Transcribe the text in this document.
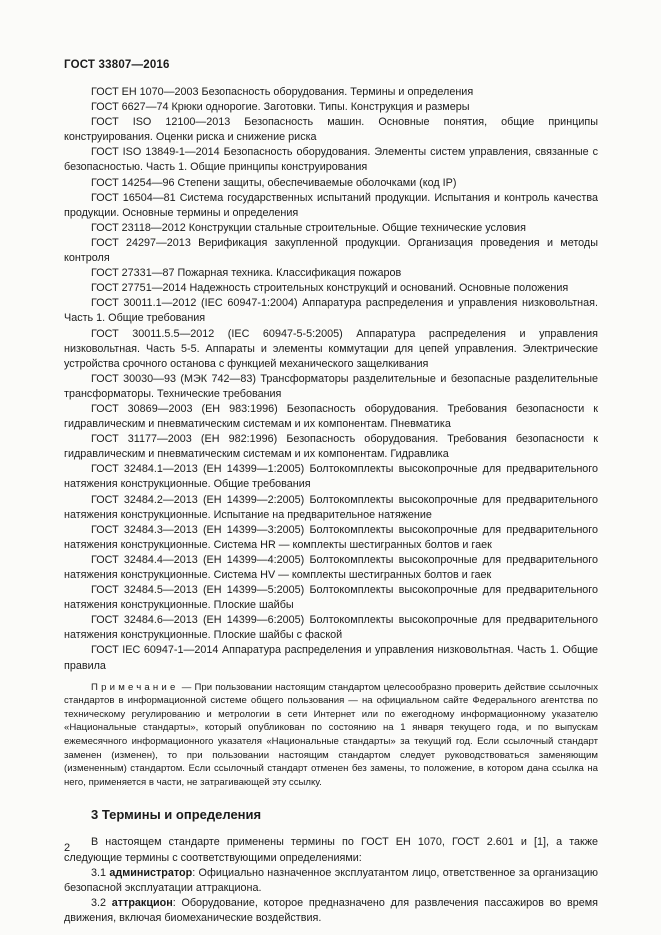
ГОСТ 33807—2016

ГОСТ ЕН 1070—2003 Безопасность оборудования. Термины и определения

ГОСТ 6627—74 Крюки однорогие. Заготовки. Типы. Конструкция и размеры

ГОСТ ISO 12100—2013 Безопасность машин. Основные понятия, общие принципы конструирования. Оценки риска и снижение риска

ГОСТ ISO 13849-1—2014 Безопасность оборудования. Элементы систем управления, связанные с безопасностью. Часть 1. Общие принципы конструирования

ГОСТ 14254—96 Степени защиты, обеспечиваемые оболочками (код IP)

ГОСТ 16504—81 Система государственных испытаний продукции. Испытания и контроль качества продукции. Основные термины и определения

ГОСТ 23118—2012 Конструкции стальные строительные. Общие технические условия

ГОСТ 24297—2013 Верификация закупленной продукции. Организация проведения и методы контроля

ГОСТ 27331—87 Пожарная техника. Классификация пожаров

ГОСТ 27751—2014 Надежность строительных конструкций и оснований. Основные положения

ГОСТ 30011.1—2012 (IEC 60947-1:2004) Аппаратура распределения и управления низковольтная. Часть 1. Общие требования

ГОСТ 30011.5.5—2012 (IEC 60947-5-5:2005) Аппаратура распределения и управления низковольтная. Часть 5-5. Аппараты и элементы коммутации для цепей управления. Электрические устройства срочного останова с функцией механического защелкивания

ГОСТ 30030—93 (МЭК 742—83) Трансформаторы разделительные и безопасные разделительные трансформаторы. Технические требования

ГОСТ 30869—2003 (ЕН 983:1996) Безопасность оборудования. Требования безопасности к гидравлическим и пневматическим системам и их компонентам. Пневматика

ГОСТ 31177—2003 (ЕН 982:1996) Безопасность оборудования. Требования безопасности к гидравлическим и пневматическим системам и их компонентам. Гидравлика

ГОСТ 32484.1—2013 (ЕН 14399—1:2005) Болтокомплекты высокопрочные для предварительного натяжения конструкционные. Общие требования

ГОСТ 32484.2—2013 (ЕН 14399—2:2005) Болтокомплекты высокопрочные для предварительного натяжения конструкционные. Испытание на предварительное натяжение

ГОСТ 32484.3—2013 (ЕН 14399—3:2005) Болтокомплекты высокопрочные для предварительного натяжения конструкционные. Система HR — комплекты шестигранных болтов и гаек

ГОСТ 32484.4—2013 (ЕН 14399—4:2005) Болтокомплекты высокопрочные для предварительного натяжения конструкционные. Система HV — комплекты шестигранных болтов и гаек

ГОСТ 32484.5—2013 (ЕН 14399—5:2005) Болтокомплекты высокопрочные для предварительного натяжения конструкционные. Плоские шайбы

ГОСТ 32484.6—2013 (ЕН 14399—6:2005) Болтокомплекты высокопрочные для предварительного натяжения конструкционные. Плоские шайбы с фаской

ГОСТ IEC 60947-1—2014 Аппаратура распределения и управления низковольтная. Часть 1. Общие правила

Примечание — При пользовании настоящим стандартом целесообразно проверить действие ссылочных стандартов в информационной системе общего пользования — на официальном сайте Федерального агентства по техническому регулированию и метрологии в сети Интернет или по ежегодному информационному указателю «Национальные стандарты», который опубликован по состоянию на 1 января текущего года, и по выпускам ежемесячного информационного указателя «Национальные стандарты» за текущий год. Если ссылочный стандарт заменен (изменен), то при пользовании настоящим стандартом следует руководствоваться заменяющим (измененным) стандартом. Если ссылочный стандарт отменен без замены, то положение, в котором дана ссылка на него, применяется в части, не затрагивающей эту ссылку.

3 Термины и определения

В настоящем стандарте применены термины по ГОСТ ЕН 1070, ГОСТ 2.601 и [1], а также следующие термины с соответствующими определениями:

3.1 администратор: Официально назначенное эксплуатантом лицо, ответственное за организацию безопасной эксплуатации аттракциона.

3.2 аттракцион: Оборудование, которое предназначено для развлечения пассажиров во время движения, включая биомеханические воздействия.

2
